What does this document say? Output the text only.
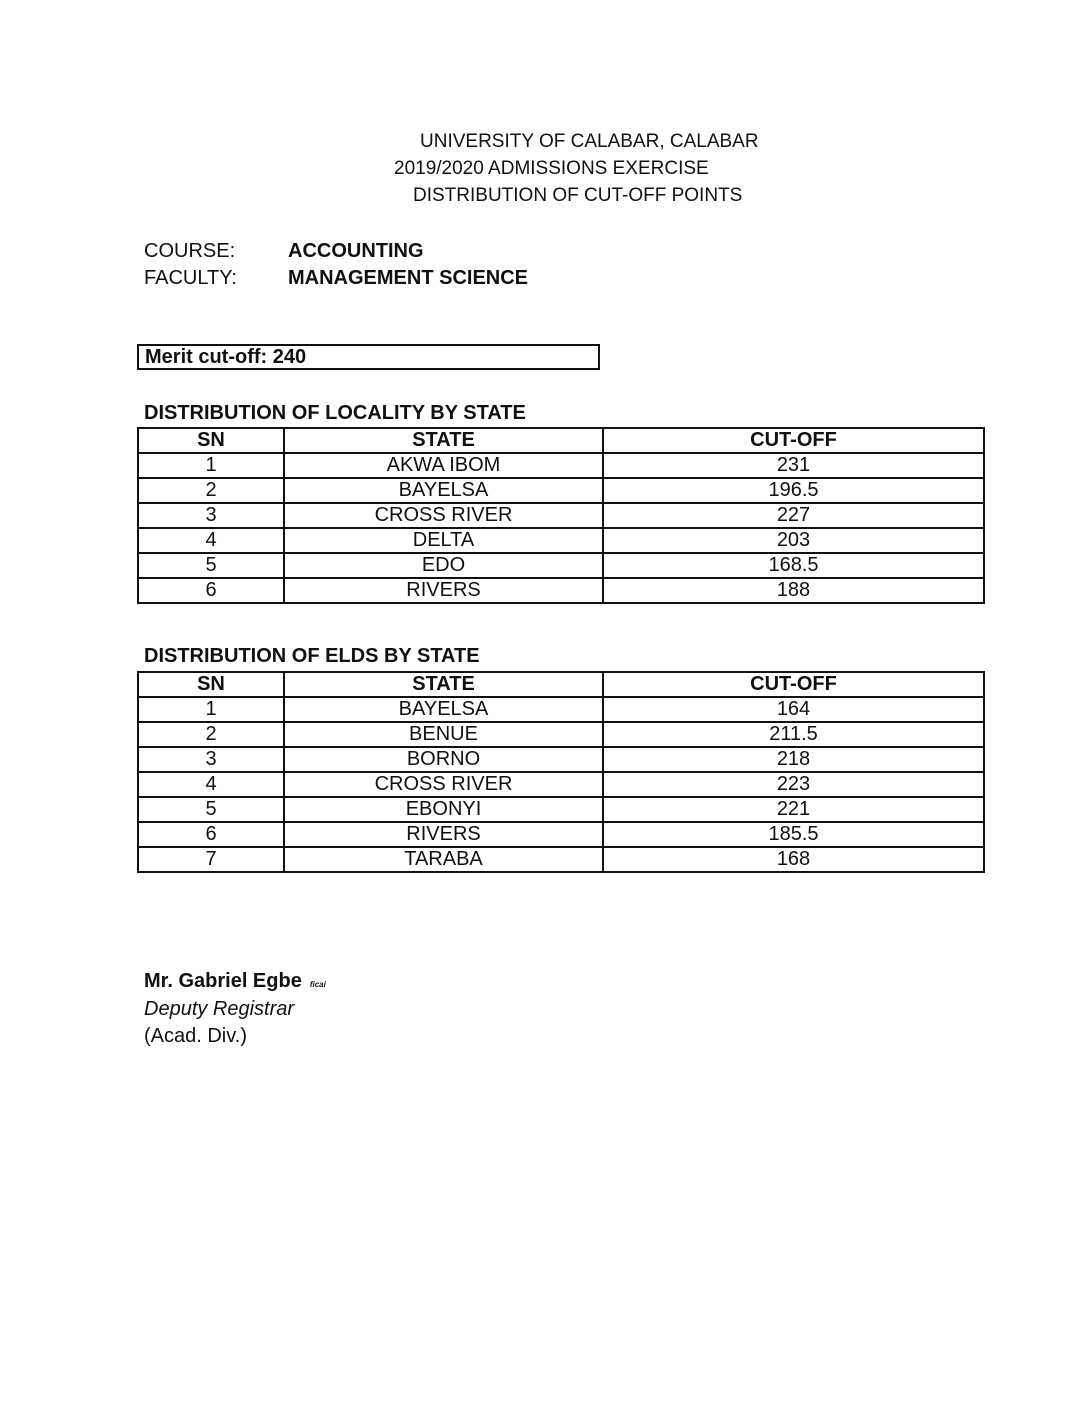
UNIVERSITY OF CALABAR, CALABAR
2019/2020 ADMISSIONS EXERCISE
DISTRIBUTION OF CUT-OFF POINTS
COURSE:	ACCOUNTING
FACULTY:	MANAGEMENT SCIENCE
Merit cut-off: 240
DISTRIBUTION OF LOCALITY BY STATE
SN	STATE	CUT-OFF
1	AKWA IBOM	231
2	BAYELSA	196.5
3	CROSS RIVER	227
4	DELTA	203
5	EDO	168.5
6	RIVERS	188
DISTRIBUTION OF ELDS BY STATE
SN	STATE	CUT-OFF
1	BAYELSA	164
2	BENUE	211.5
3	BORNO	218
4	CROSS RIVER	223
5	EBONYI	221
6	RIVERS	185.5
7	TARABA	168
Mr. Gabriel Egbe ficai
Deputy Registrar
(Acad. Div.)
